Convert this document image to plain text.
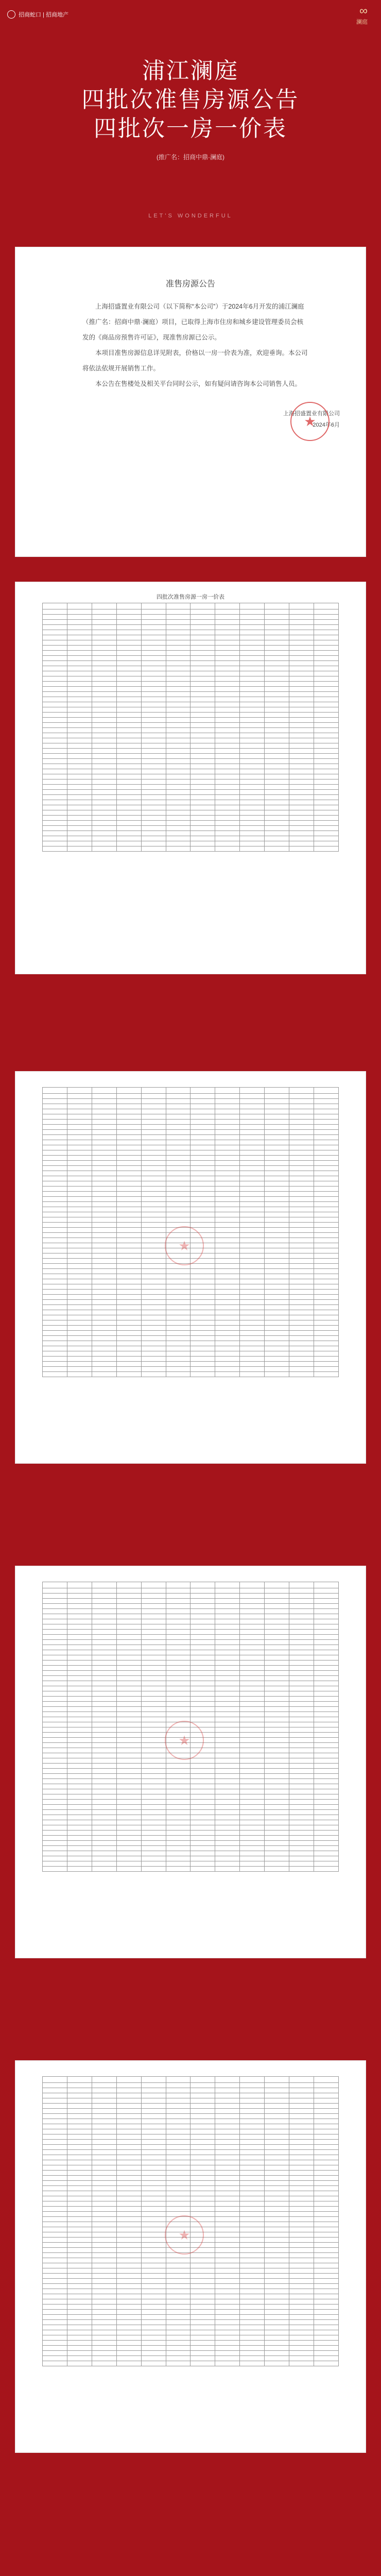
招商蛇口 | 招商地产	∞
澜庭
浦江澜庭
四批次准售房源公告
四批次一房一价表
(推广名：招商中鼎·澜庭)
LET'S WONDERFUL
准售房源公告

上海招盛置业有限公司（以下简称“本公司”）于2024年6月开发的浦江澜庭（推广名：招商中鼎·澜庭）项目，已取得上海市住房和城乡建设管理委员会核发的《商品房预售许可证》，现准售房源已公示。

本项目准售房源信息详见附表，价格以一房一价表为准，欢迎垂询。本公司将依法依规开展销售工作。

本公告在售楼处及相关平台同时公示，如有疑问请咨询本公司销售人员。

上海招盛置业有限公司
2024年6月
★
四批次准售房源一房一价表

★

★

★
